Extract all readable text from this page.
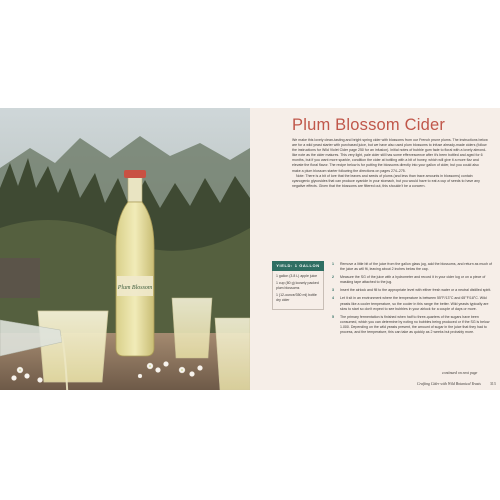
Plum Blossom
Plum Blossom Cider

We make this lovely clean-tasting and bright spring cider with blossoms from our French prune plums. The instructions below are for a wild yeast starter with purchased juice, but we have also used plum blossoms to infuse already-made ciders (follow the instructions for Wild Violet Cider page 250 for an infusion). Initial notes of bubble gum fade to floral with a lovely almond-like note as the cider matures. This very light, pale cider still has some effervescence after it's been bottled and aged for 6 months, but if you want more sparkle, condition the cider at bottling with a bit of honey, which will give it a more fizz and elevate the floral flavor. The recipe below is for putting the blossoms directly into your gallon of cider, but you could also make a plum blossom starter following the directions on pages 274–275.

Note: There is a bit of lore that the leaves and seeds of plums (and less than trace amounts in blossoms) contain cyanogenic glycosides that can produce cyanide in your stomach, but you would have to eat a cup of seeds to have any negative effects. Given that the blossoms are filtered out, this shouldn't be a concern.

YIELD: 1 GALLON
1 gallon (3.8 L) apple juice
1 cup (80 g) loosely packed plum blossoms
1 (12-ounce/350 ml) bottle dry cider
1 Remove a little bit of the juice from the gallon glass jug, add the blossoms, and return as much of the juice as will fit, leaving about 2 inches below the cap.
2 Measure the SG of the juice with a hydrometer and record it in your cider log or on a piece of masking tape attached to the jug.
3 Insert the airlock and fill to the appropriate level with either fresh water or a neutral distilled spirit.
4 Let it sit in an environment where the temperature is between 55°F/13°C and 65°F/18°C. Wild yeasts like a cooler temperature, so the cooler in this range the better. Wild yeasts typically are slow to start so don't expect to see bubbles in your airlock for a couple of days or more.
5 The primary fermentation is finished when half to three-quarters of the sugars have been consumed, which you can determine by noting no bubbles being produced or if the SG is below 1.000. Depending on the wild yeasts present, the amount of sugar in the juice that they had to process, and the temperature, this can take as quickly as 2 weeks but probably more.
continued on next page
Crafting Cider with Wild Botanical Yeasts 313
